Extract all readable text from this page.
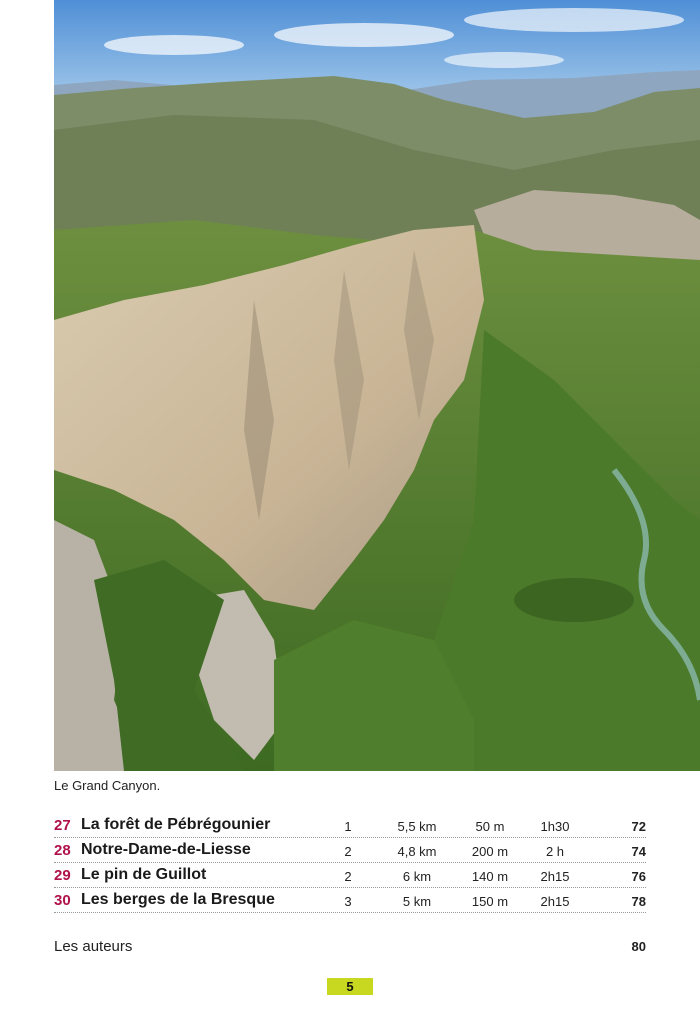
Le Grand Canyon.
27 La forêt de Pébrégounier	1	5,5 km	50 m	1h30	72
28 Notre-Dame-de-Liesse	2	4,8 km	200 m	2 h	74
29 Le pin de Guillot	2	6 km	140 m	2h15	76
30 Les berges de la Bresque	3	5 km	150 m	2h15	78
Les auteurs	80
5
